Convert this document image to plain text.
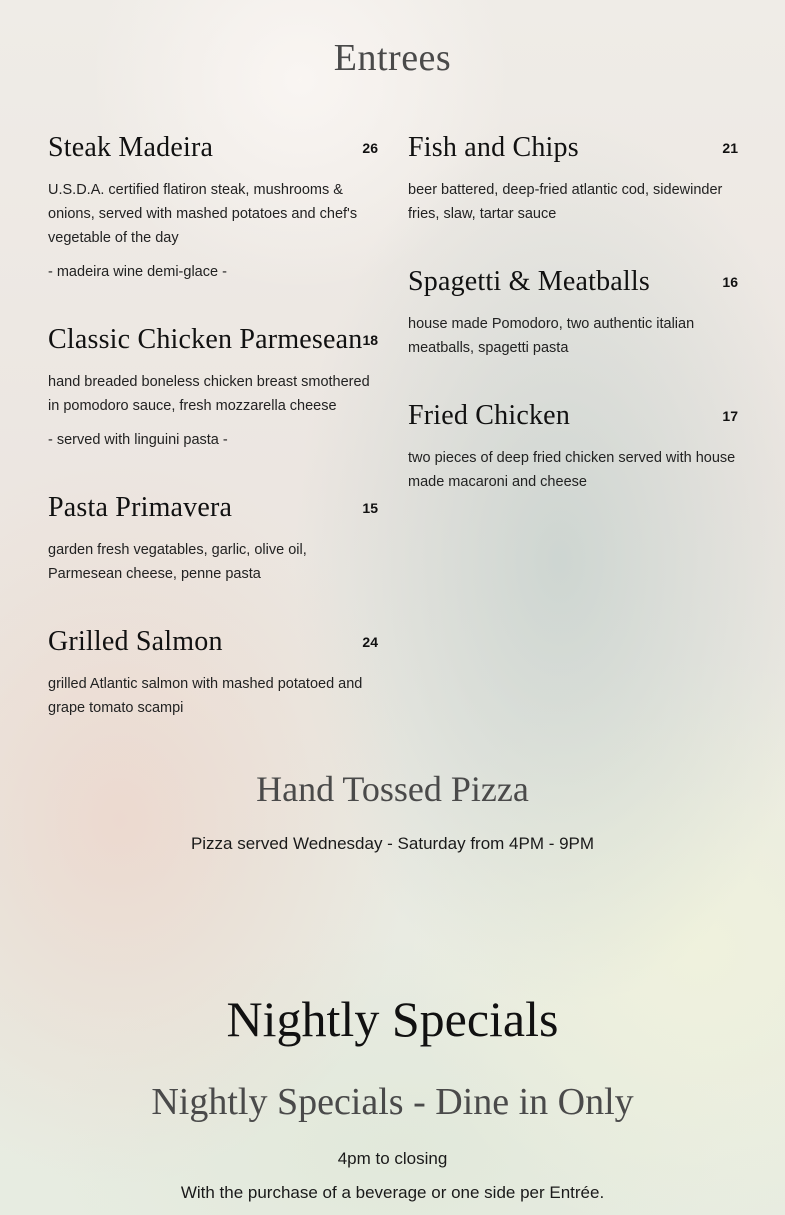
Entrees
Steak Madeira	26
U.S.D.A. certified flatiron steak, mushrooms & onions, served with mashed potatoes and chef's vegetable of the day
- madeira wine demi-glace -
Classic Chicken Parmesean 18
hand breaded boneless chicken breast smothered in pomodoro sauce, fresh mozzarella cheese
- served with linguini pasta -
Pasta Primavera	15
garden fresh vegatables, garlic, olive oil, Parmesean cheese, penne pasta
Grilled Salmon	24
grilled Atlantic salmon with mashed potatoed and grape tomato scampi
Fish and Chips	21
beer battered, deep-fried atlantic cod, sidewinder fries, slaw, tartar sauce
Spagetti & Meatballs	16
house made Pomodoro, two authentic italian meatballs, spagetti pasta
Fried Chicken	17
two pieces of deep fried chicken served with house made macaroni and cheese
Hand Tossed Pizza
Pizza served Wednesday - Saturday from 4PM - 9PM
Nightly Specials
Nightly Specials - Dine in Only
4pm to closing
With the purchase of a beverage or one side per Entrée.
